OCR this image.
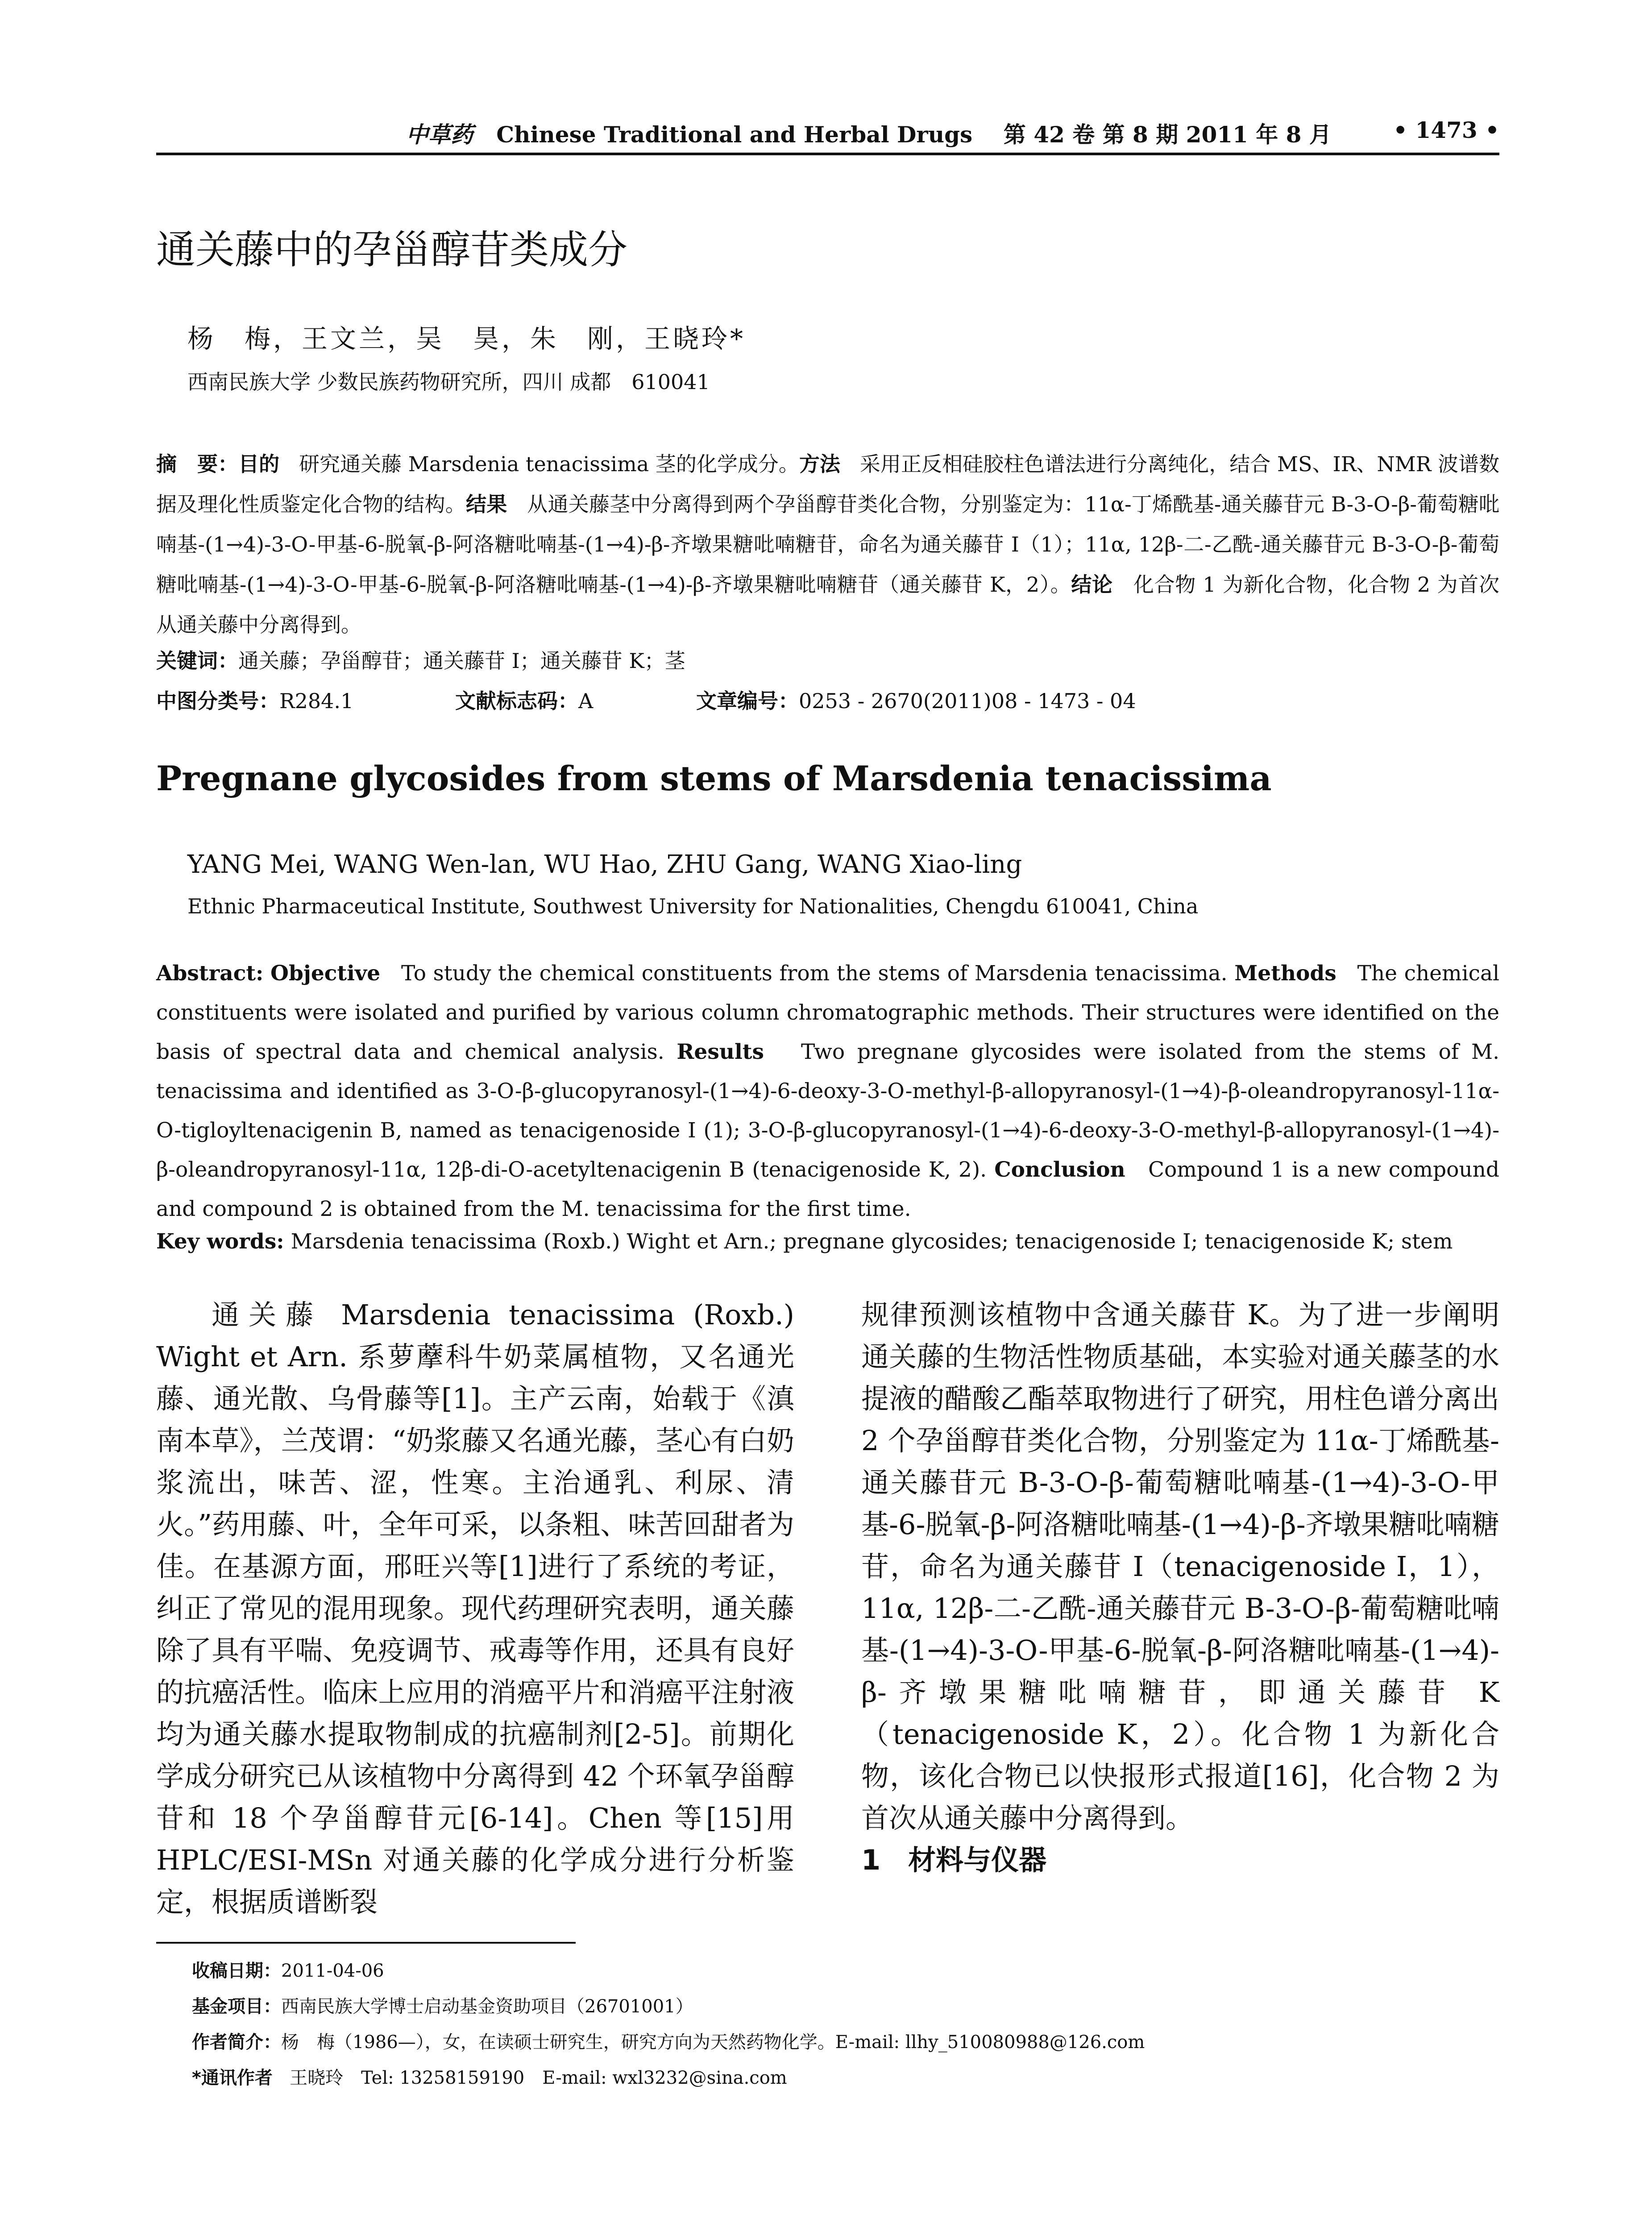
中草药 Chinese Traditional and Herbal Drugs 第 42 卷 第 8 期 2011 年 8 月	• 1473 •
通关藤中的孕甾醇苷类成分
杨　梅，王文兰，吴　昊，朱　刚，王晓玲*
西南民族大学 少数民族药物研究所，四川 成都　610041
摘　要：目的 研究通关藤 Marsdenia tenacissima 茎的化学成分。方法 采用正反相硅胶柱色谱法进行分离纯化，结合 MS、IR、NMR 波谱数据及理化性质鉴定化合物的结构。结果 从通关藤茎中分离得到两个孕甾醇苷类化合物，分别鉴定为：11α-丁烯酰基-通关藤苷元 B-3-O-β-葡萄糖吡喃基-(1→4)-3-O-甲基-6-脱氧-β-阿洛糖吡喃基-(1→4)-β-齐墩果糖吡喃糖苷，命名为通关藤苷 I（1）；11α, 12β-二-乙酰-通关藤苷元 B-3-O-β-葡萄糖吡喃基-(1→4)-3-O-甲基-6-脱氧-β-阿洛糖吡喃基-(1→4)-β-齐墩果糖吡喃糖苷（通关藤苷 K，2）。结论 化合物 1 为新化合物，化合物 2 为首次从通关藤中分离得到。
关键词：通关藤；孕甾醇苷；通关藤苷 I；通关藤苷 K；茎
中图分类号：R284.1	文献标志码：A	文章编号：0253 - 2670(2011)08 - 1473 - 04
Pregnane glycosides from stems of Marsdenia tenacissima
YANG Mei, WANG Wen-lan, WU Hao, ZHU Gang, WANG Xiao-ling
Ethnic Pharmaceutical Institute, Southwest University for Nationalities, Chengdu 610041, China
Abstract: Objective To study the chemical constituents from the stems of Marsdenia tenacissima. Methods The chemical constituents were isolated and purified by various column chromatographic methods. Their structures were identified on the basis of spectral data and chemical analysis. Results Two pregnane glycosides were isolated from the stems of M. tenacissima and identified as 3-O-β-glucopyranosyl-(1→4)-6-deoxy-3-O-methyl-β-allopyranosyl-(1→4)-β-oleandropyranosyl-11α-O-tigloyltenacigenin B, named as tenacigenoside I (1); 3-O-β-glucopyranosyl-(1→4)-6-deoxy-3-O-methyl-β-allopyranosyl-(1→4)-β-oleandropyranosyl-11α, 12β-di-O-acetyltenacigenin B (tenacigenoside K, 2). Conclusion Compound 1 is a new compound and compound 2 is obtained from the M. tenacissima for the first time.
Key words: Marsdenia tenacissima (Roxb.) Wight et Arn.; pregnane glycosides; tenacigenoside I; tenacigenoside K; stem
通关藤 Marsdenia tenacissima (Roxb.) Wight et Arn. 系萝藦科牛奶菜属植物，又名通光藤、通光散、乌骨藤等[1]。主产云南，始载于《滇南本草》，兰茂谓：“奶浆藤又名通光藤，茎心有白奶浆流出，味苦、涩，性寒。主治通乳、利尿、清火。”药用藤、叶，全年可采，以条粗、味苦回甜者为佳。在基源方面，邢旺兴等[1]进行了系统的考证，纠正了常见的混用现象。现代药理研究表明，通关藤除了具有平喘、免疫调节、戒毒等作用，还具有良好的抗癌活性。临床上应用的消癌平片和消癌平注射液均为通关藤水提取物制成的抗癌制剂[2-5]。前期化学成分研究已从该植物中分离得到 42 个环氧孕甾醇苷和 18 个孕甾醇苷元[6-14]。Chen 等[15]用 HPLC/ESI-MSn 对通关藤的化学成分进行分析鉴定，根据质谱断裂
规律预测该植物中含通关藤苷 K。为了进一步阐明通关藤的生物活性物质基础，本实验对通关藤茎的水提液的醋酸乙酯萃取物进行了研究，用柱色谱分离出 2 个孕甾醇苷类化合物，分别鉴定为 11α-丁烯酰基-通关藤苷元 B-3-O-β-葡萄糖吡喃基-(1→4)-3-O-甲基-6-脱氧-β-阿洛糖吡喃基-(1→4)-β-齐墩果糖吡喃糖苷，命名为通关藤苷 I（tenacigenoside I，1），11α, 12β-二-乙酰-通关藤苷元 B-3-O-β-葡萄糖吡喃基-(1→4)-3-O-甲基-6-脱氧-β-阿洛糖吡喃基-(1→4)-β-齐墩果糖吡喃糖苷，即通关藤苷 K（tenacigenoside K，2）。化合物 1 为新化合物，该化合物已以快报形式报道[16]，化合物 2 为首次从通关藤中分离得到。
1　材料与仪器
收稿日期：2011-04-06
基金项目：西南民族大学博士启动基金资助项目（26701001）
作者简介：杨　梅（1986—），女，在读硕士研究生，研究方向为天然药物化学。E-mail: llhy_510080988@126.com
*通讯作者 王晓玲　Tel: 13258159190　E-mail: wxl3232@sina.com
